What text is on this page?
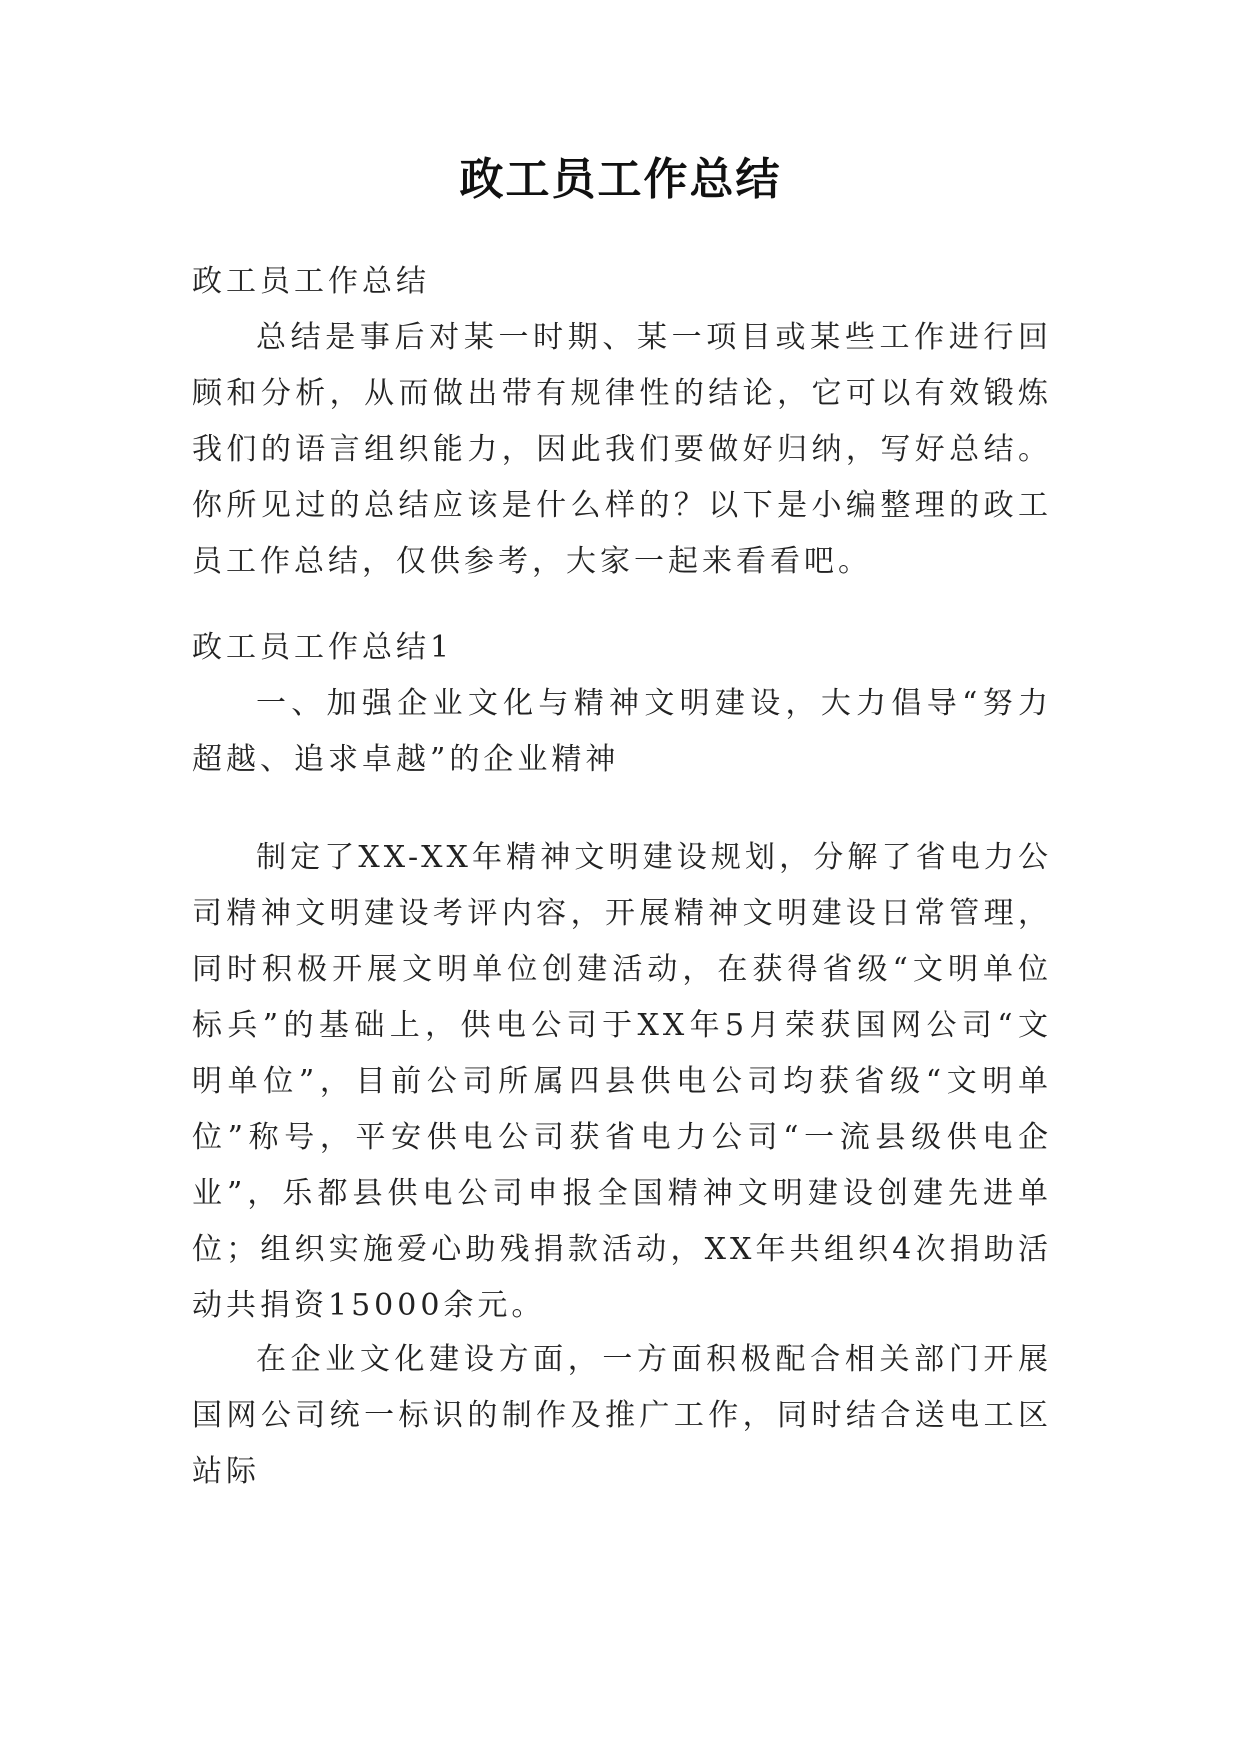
政工员工作总结

政工员工作总结

总结是事后对某一时期、某一项目或某些工作进行回顾和分析，从而做出带有规律性的结论，它可以有效锻炼我们的语言组织能力，因此我们要做好归纳，写好总结。你所见过的总结应该是什么样的？以下是小编整理的政工员工作总结，仅供参考，大家一起来看看吧。

政工员工作总结1

一、加强企业文化与精神文明建设，大力倡导“努力超越、追求卓越”的企业精神

制定了XX-XX年精神文明建设规划，分解了省电力公司精神文明建设考评内容，开展精神文明建设日常管理，同时积极开展文明单位创建活动，在获得省级“文明单位标兵”的基础上，供电公司于XX年5月荣获国网公司“文明单位”，目前公司所属四县供电公司均获省级“文明单位”称号，平安供电公司获省电力公司“一流县级供电企业”，乐都县供电公司申报全国精神文明建设创建先进单位；组织实施爱心助残捐款活动，XX年共组织4次捐助活动共捐资15000余元。

在企业文化建设方面，一方面积极配合相关部门开展国网公司统一标识的制作及推广工作，同时结合送电工区站际
